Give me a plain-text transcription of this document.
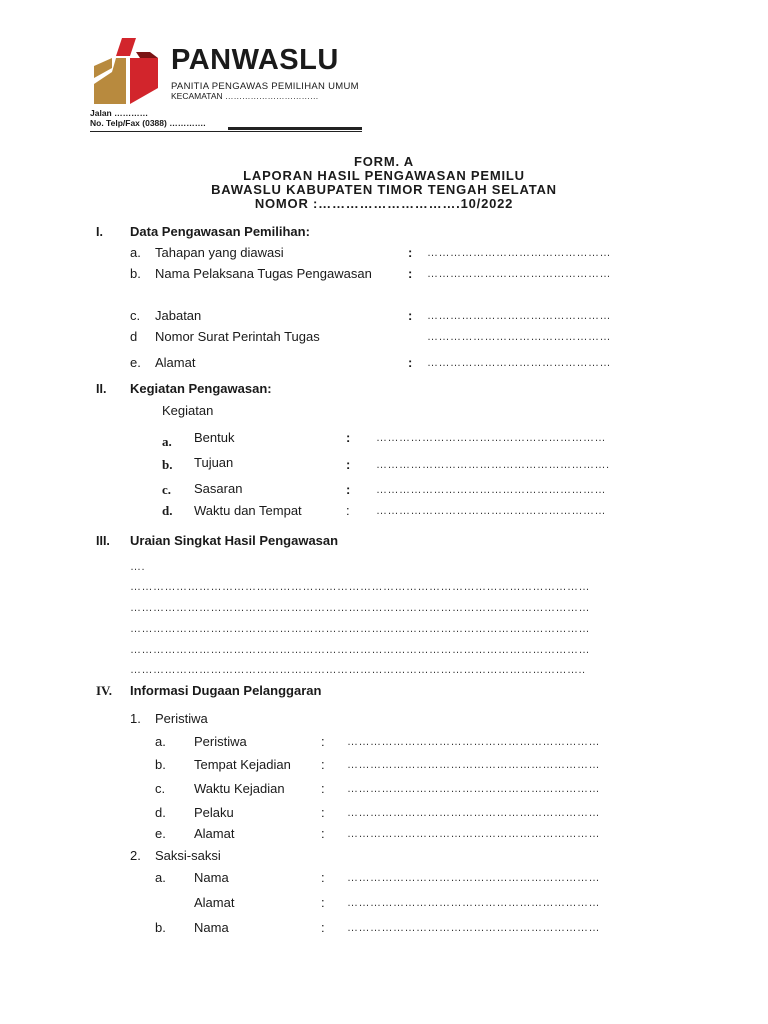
PANWASLU
PANITIA PENGAWAS PEMILIHAN UMUM
KECAMATAN ……………………………
Jalan …………
No. Telp/Fax (0388) ………….
FORM. A
LAPORAN HASIL PENGAWASAN PEMILU
BAWASLU KABUPATEN TIMOR TENGAH SELATAN
NOMOR :………………………….10/2022
I. Data Pengawasan Pemilihan:
a. Tahapan yang diawasi	: …………………………………………
b. Nama Pelaksana Tugas Pengawasan	: …………………………………………
c. Jabatan	: …………………………………………
d Nomor Surat Perintah Tugas	…………………………………………
e. Alamat	: …………………………………………
II. Kegiatan Pengawasan:
Kegiatan
a. Bentuk	: ……………………………………………………
b. Tujuan	: …………………………………………………….
c. Sasaran	: ……………………………………………………
d. Waktu dan Tempat	: ……………………………………………………
III. Uraian Singkat Hasil Pengawasan
….
…………………………………………………………………………………………………………
…………………………………………………………………………………………………………
…………………………………………………………………………………………………………
…………………………………………………………………………………………………………
………………………………………………………………………………………………………..
IV. Informasi Dugaan Pelanggaran
1. Peristiwa
a. Peristiwa	: …………………………………………………………
b. Tempat Kejadian : …………………………………………………………
c. Waktu Kejadian	: …………………………………………………………
d. Pelaku	: …………………………………………………………
e. Alamat	: …………………………………………………………
2. Saksi-saksi
a. Nama	: …………………………………………………………
Alamat	: …………………………………………………………
b. Nama	: …………………………………………………………
